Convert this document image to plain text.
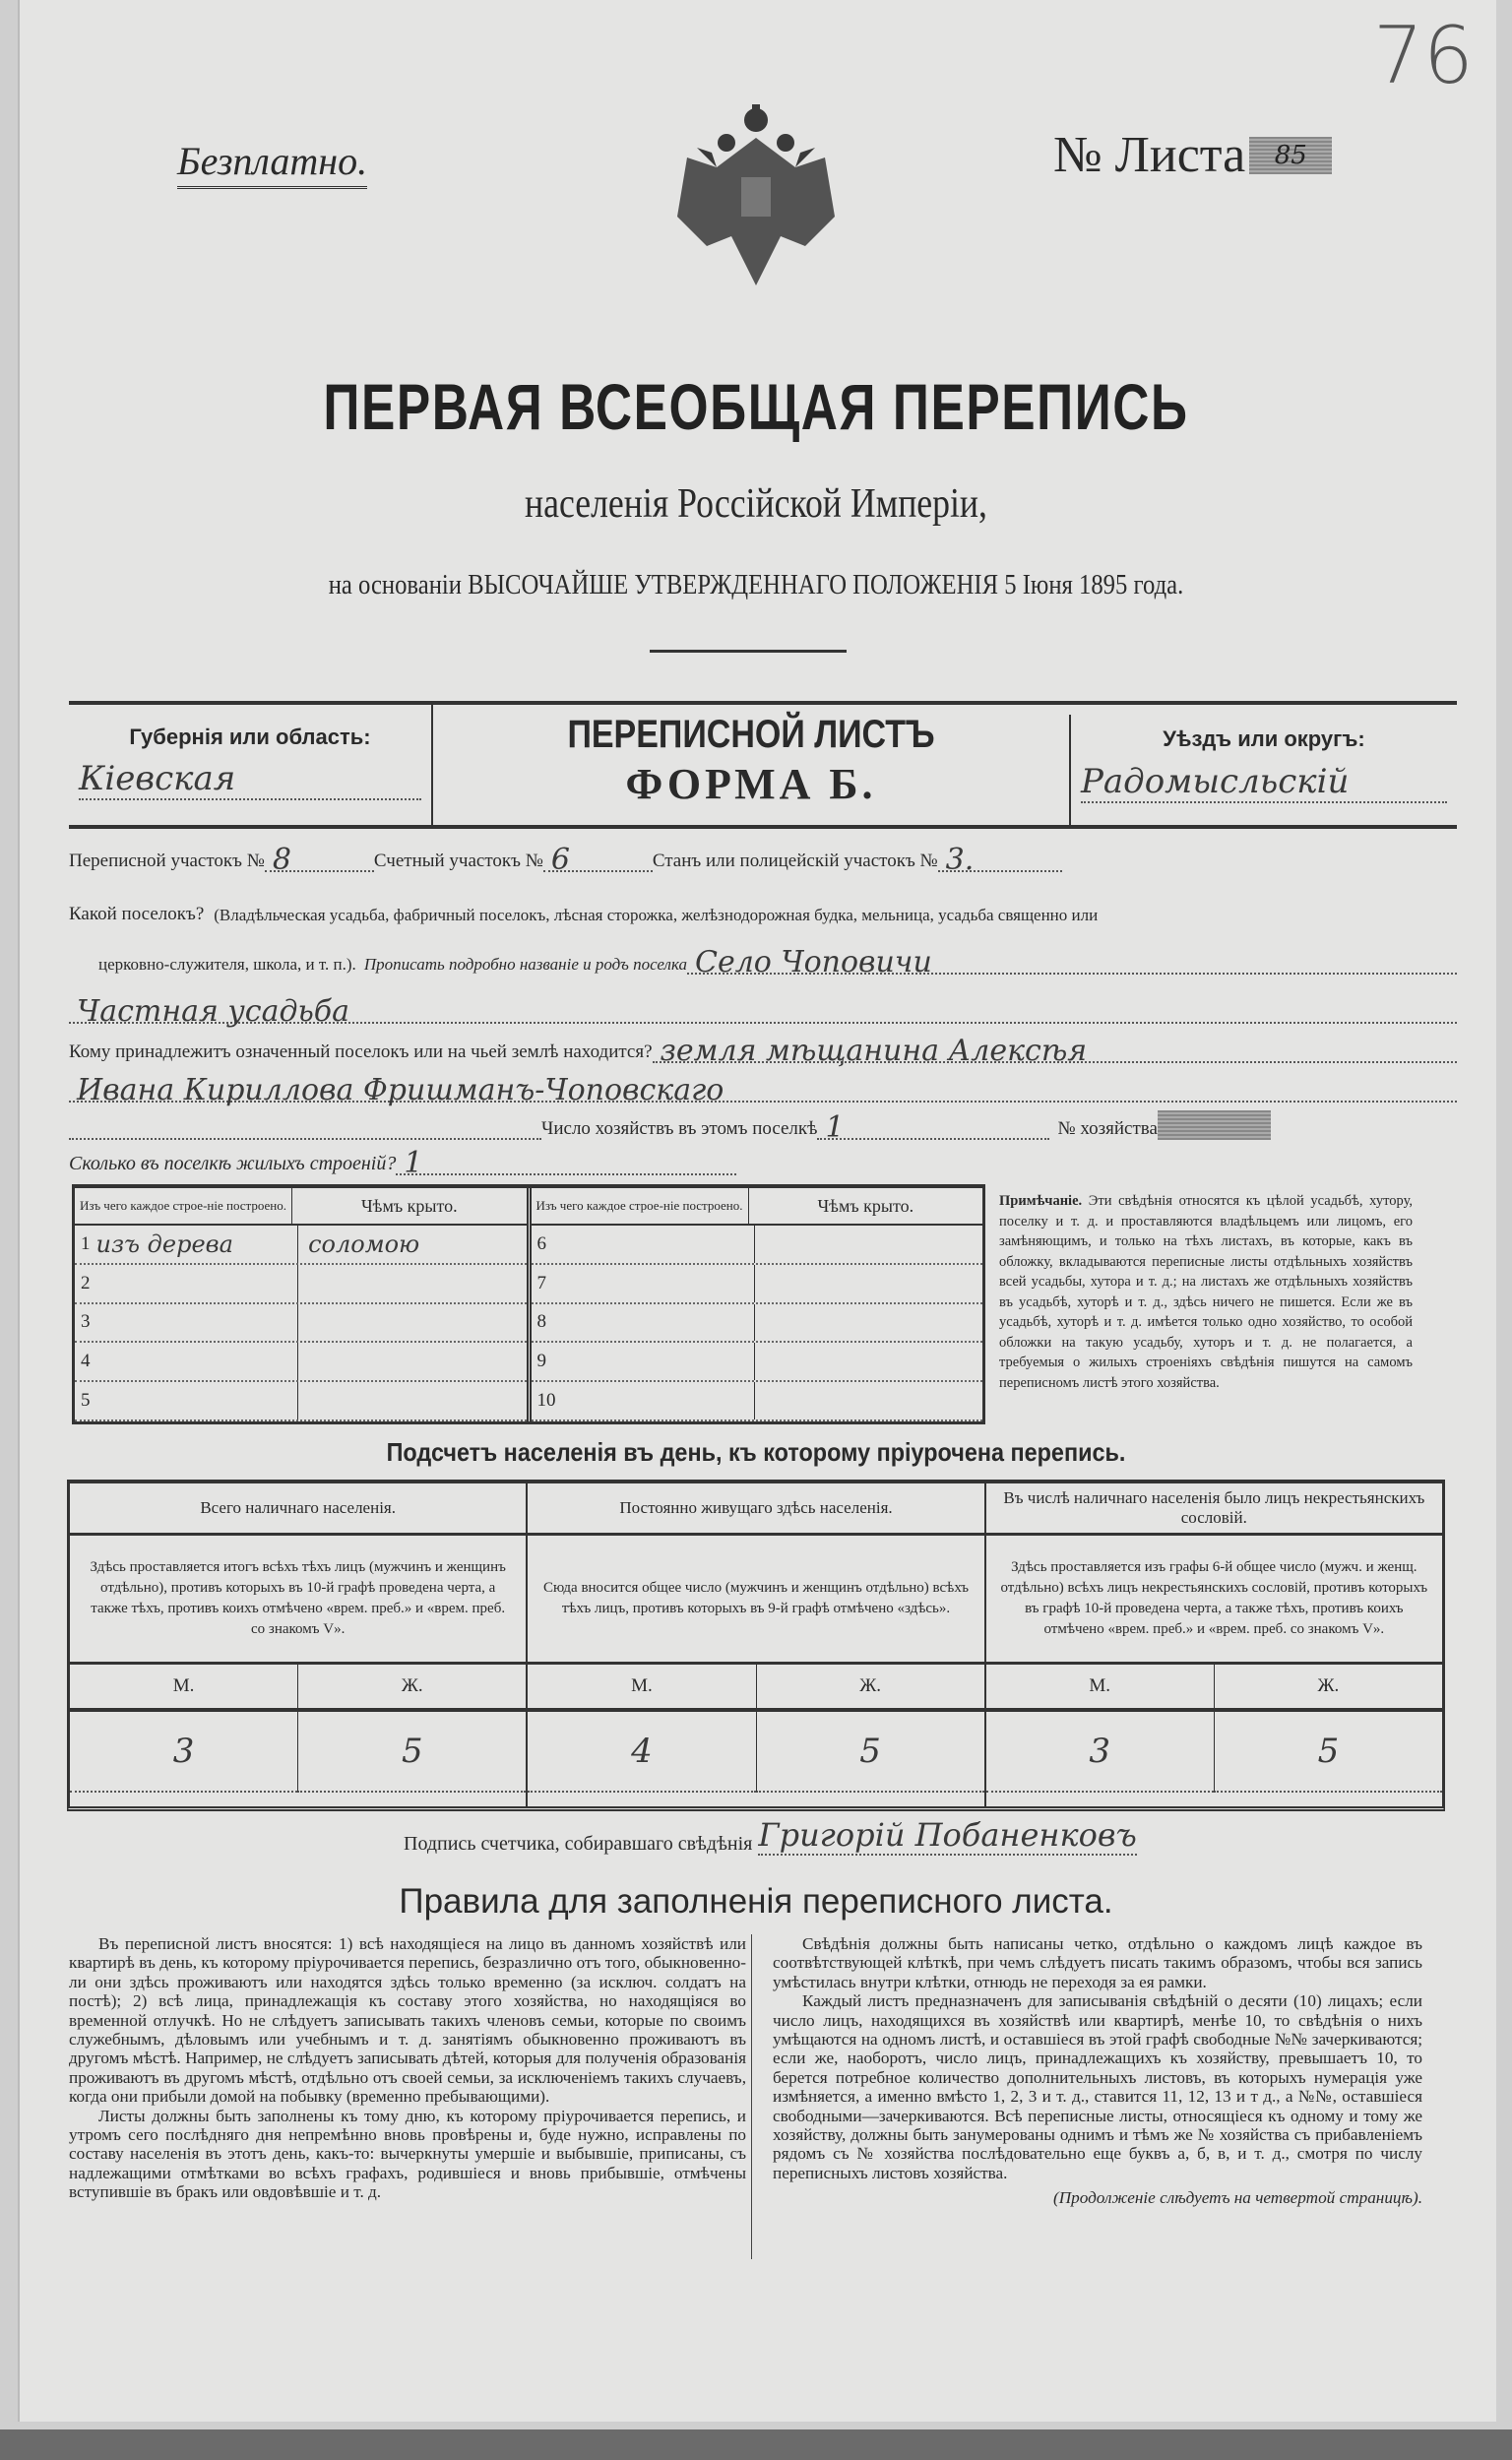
Безплатно.	№ Листа	85
76
ПЕРВАЯ ВСЕОБЩАЯ ПЕРЕПИСЬ
населенія Россійской Имперіи,
на основаніи ВЫСОЧАЙШЕ УТВЕРЖДЕННАГО ПОЛОЖЕНІЯ 5 Іюня 1895 года.
Губернія или область:
Кіевская
ПЕРЕПИСНОЙ ЛИСТЪ
ФОРМА Б.
Уѣздъ или округъ:
Радомысльскій
Переписной участокъ № 8	Счетный участокъ № 6	Станъ или полицейскій участокъ № 3.
Какой поселокъ? (Владѣльческая усадьба, фабричный поселокъ, лѣсная сторожка, желѣзнодорожная будка, мельница, усадьба священно или
церковно-служителя, школа, и т. п.). Прописать подробно названіе и родъ поселка Село Чоповичи
Частная усадьба
Кому принадлежитъ означенный поселокъ или на чьей землѣ находится? земля мѣщанина Алексѣя
Ивана Кириллова Фришманъ-Чоповскаго
Число хозяйствъ въ этомъ поселкѣ 1	№ хозяйства
Сколько въ поселкѣ жилыхъ строеній? 1
Изъ чего каждое строе-ніе построено.	Чѣмъ крыто.
1 изъ дерева	соломою
2
3
4
5
Изъ чего каждое строе-ніе построено.	Чѣмъ крыто.
6
7
8
9
10
Примѣчаніе. Эти свѣдѣнія относятся къ цѣлой усадьбѣ, хутору, поселку и т. д. и проставляются владѣльцемъ или лицомъ, его замѣняющимъ, и только на тѣхъ листахъ, въ которые, какъ въ обложку, вкладываются переписные листы отдѣльныхъ хозяйствъ всей усадьбы, хутора и т. д.; на листахъ же отдѣльныхъ хозяйствъ въ усадьбѣ, хуторѣ и т. д., здѣсь ничего не пишется. Если же въ усадьбѣ, хуторѣ и т. д. имѣется только одно хозяйство, то особой обложки на такую усадьбу, хуторъ и т. д. не полагается, а требуемыя о жилыхъ строеніяхъ свѣдѣнія пишутся на самомъ переписномъ листѣ этого хозяйства.
Подсчетъ населенія въ день, къ которому пріурочена перепись.
Всего наличнаго населенія.
Здѣсь проставляется итогъ всѣхъ тѣхъ лицъ (мужчинъ и женщинъ отдѣльно), противъ которыхъ въ 10-й графѣ проведена черта, а также тѣхъ, противъ коихъ отмѣчено «врем. преб.» и «врем. преб. со знакомъ V».
М.	Ж.
3	5
Постоянно живущаго здѣсь населенія.
Сюда вносится общее число (мужчинъ и женщинъ отдѣльно) всѣхъ тѣхъ лицъ, противъ которыхъ въ 9-й графѣ отмѣчено «здѣсь».
М.	Ж.
4	5
Въ числѣ наличнаго населенія было лицъ некрестьянскихъ сословій.
Здѣсь проставляется изъ графы 6-й общее число (мужч. и женщ. отдѣльно) всѣхъ лицъ некрестьянскихъ сословій, противъ которыхъ въ графѣ 10-й проведена черта, а также тѣхъ, противъ коихъ отмѣчено «врем. преб.» и «врем. преб. со знакомъ V».
М.	Ж.
3	5
Подпись счетчика, собиравшаго свѣдѣнія Григорій Побаненковъ
Правила для заполненія переписного листа.

Въ переписной листъ вносятся: 1) всѣ находящіеся на лицо въ данномъ хозяйствѣ или квартирѣ въ день, къ которому пріурочивается перепись, безразлично отъ того, обыкновенно-ли они здѣсь проживаютъ или находятся здѣсь только временно (за исключ. солдатъ на постѣ); 2) всѣ лица, принадлежащія къ составу этого хозяйства, но находящіяся во временной отлучкѣ. Но не слѣдуетъ записывать такихъ членовъ семьи, которые по своимъ служебнымъ, дѣловымъ или учебнымъ и т. д. занятіямъ обыкновенно проживаютъ въ другомъ мѣстѣ. Например, не слѣдуетъ записывать дѣтей, которыя для полученія образованія проживаютъ въ другомъ мѣстѣ, отдѣльно отъ своей семьи, за исключеніемъ такихъ случаевъ, когда они прибыли домой на побывку (временно пребывающими).

Листы должны быть заполнены къ тому дню, къ которому пріурочивается перепись, и утромъ сего послѣдняго дня непремѣнно вновь провѣрены и, буде нужно, исправлены по составу населенія въ этотъ день, какъ-то: вычеркнуты умершіе и выбывшіе, приписаны, съ надлежащими отмѣтками во всѣхъ графахъ, родившіеся и вновь прибывшіе, отмѣчены вступившіе въ бракъ или овдовѣвшіе и т. д.

Свѣдѣнія должны быть написаны четко, отдѣльно о каждомъ лицѣ каждое въ соотвѣтствующей клѣткѣ, при чемъ слѣдуетъ писать такимъ образомъ, чтобы вся запись умѣстилась внутри клѣтки, отнюдь не переходя за ея рамки.

Каждый листъ предназначенъ для записыванія свѣдѣній о десяти (10) лицахъ; если число лицъ, находящихся въ хозяйствѣ или квартирѣ, менѣе 10, то свѣдѣнія о нихъ умѣщаются на одномъ листѣ, и оставшіеся въ этой графѣ свободные №№ зачеркиваются; если же, наоборотъ, число лицъ, принадлежащихъ къ хозяйству, превышаетъ 10, то берется потребное количество дополнительныхъ листовъ, въ которыхъ нумерація уже измѣняется, а именно вмѣсто 1, 2, 3 и т. д., ставится 11, 12, 13 и т д., а №№, оставшіеся свободными—зачеркиваются. Всѣ переписные листы, относящіеся къ одному и тому же хозяйству, должны быть занумерованы однимъ и тѣмъ же № хозяйства съ прибавленіемъ рядомъ съ № хозяйства послѣдовательно еще буквъ а, б, в, и т. д., смотря по числу переписныхъ листовъ хозяйства.

(Продолженіе слѣдуетъ на четвертой страницѣ).
